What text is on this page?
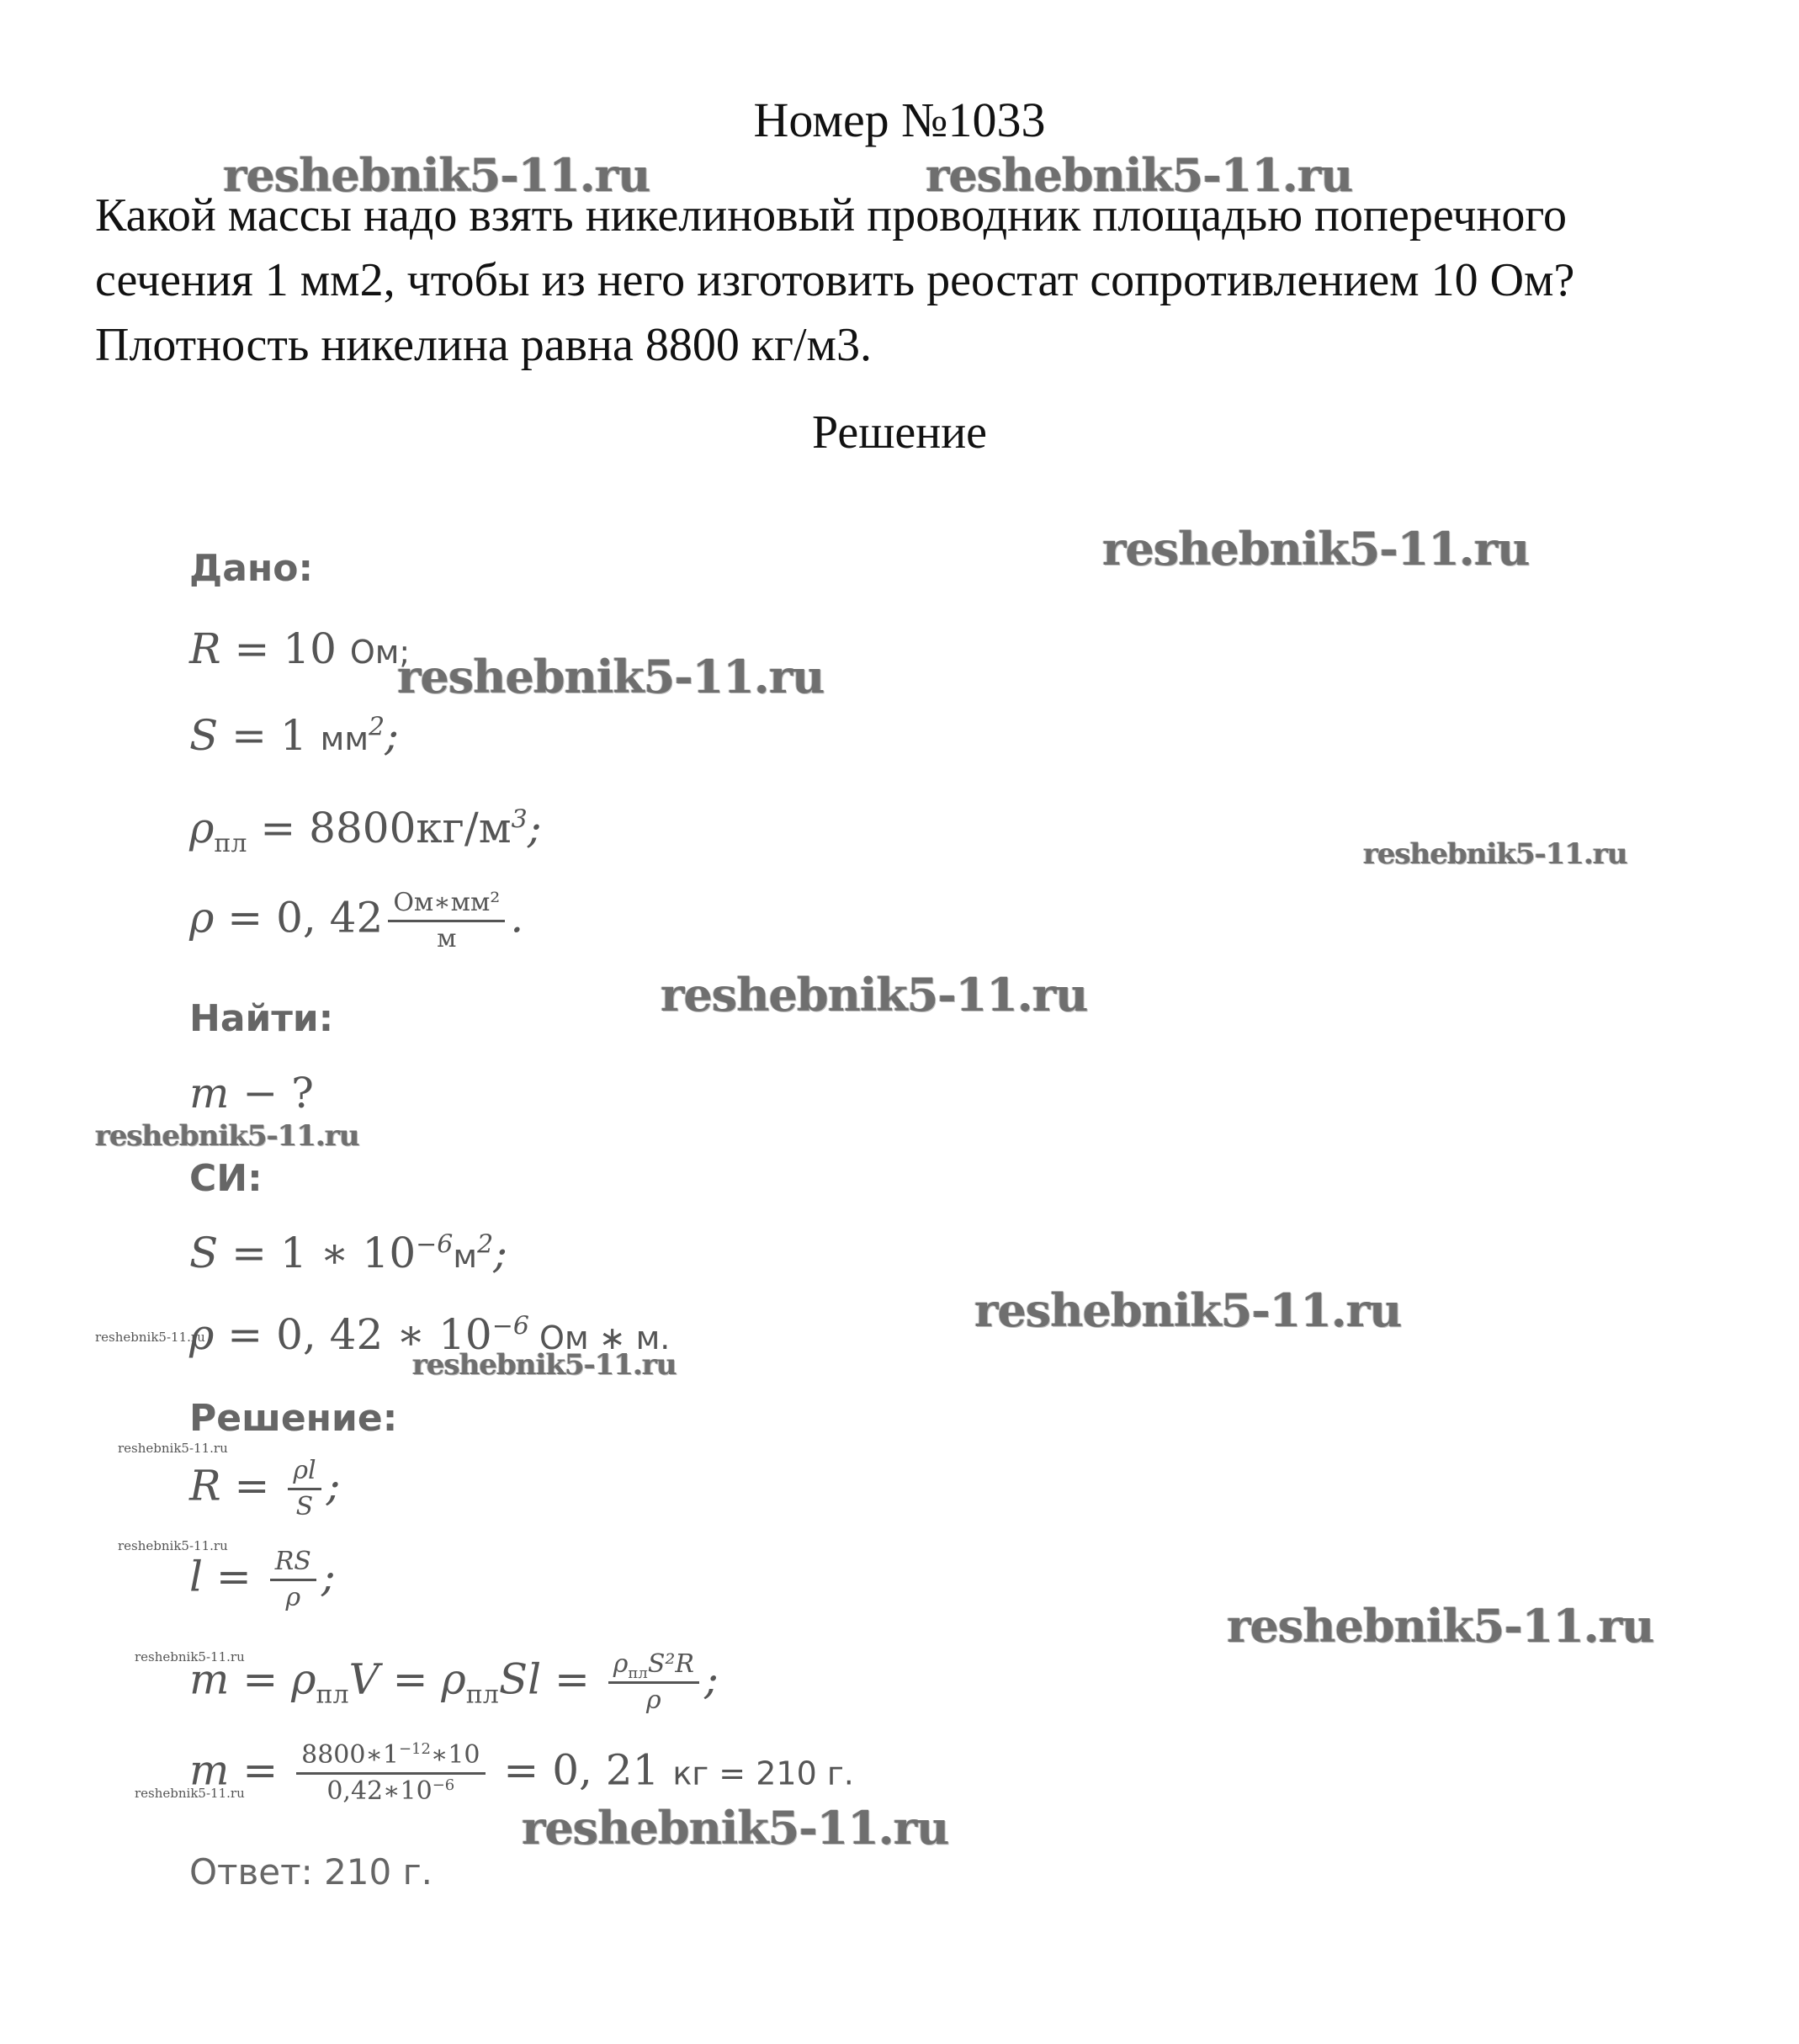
Номер №1033
Какой массы надо взять никелиновый проводник площадью поперечного
сечения 1 мм2, чтобы из него изготовить реостат сопротивлением 10 Ом?
Плотность никелина равна 8800 кг/м3.
Решение
Дано:
R = 10 Ом;
S = 1 $мм^2$;
$\rho_{пл} = 8800кг/м^3$;
ρ = 0, $42 \frac{\text{Ом∗мм²}}{м}$ .
Найти:
m − ?
СИ:
S = 1 ∗ $10^{-6}м^2$;
ρ = 0, 42 ∗ $10^{-6}$ Ом ∗ м.
Решение:
$R = \frac{\rho l}{S}$ ;
$l = \frac{RS}{\rho}$ ;
$m = \rho_{пл}V = \rho_{пл}Sl = \frac{\rho_{пл}S^2R}{\rho}$ ;
$m = \frac{8800∗1^{-12}∗10}{0,42∗10^{-6}} = 0$, 21 кг = 210 г.
Ответ: 210 г.
reshebnik5-11.ru	reshebnik5-11.ru
reshebnik5-11.ru
reshebnik5-11.ru
reshebnik5-11.ru
reshebnik5-11.ru
reshebnik5-11.ru
reshebnik5-11.ru
reshebnik5-11.ru
reshebnik5-11.ru
reshebnik5-11.ru
reshebnik5-11.ru
reshebnik5-11.ru
reshebnik5-11.ru
reshebnik5-11.ru
reshebnik5-11.ru
